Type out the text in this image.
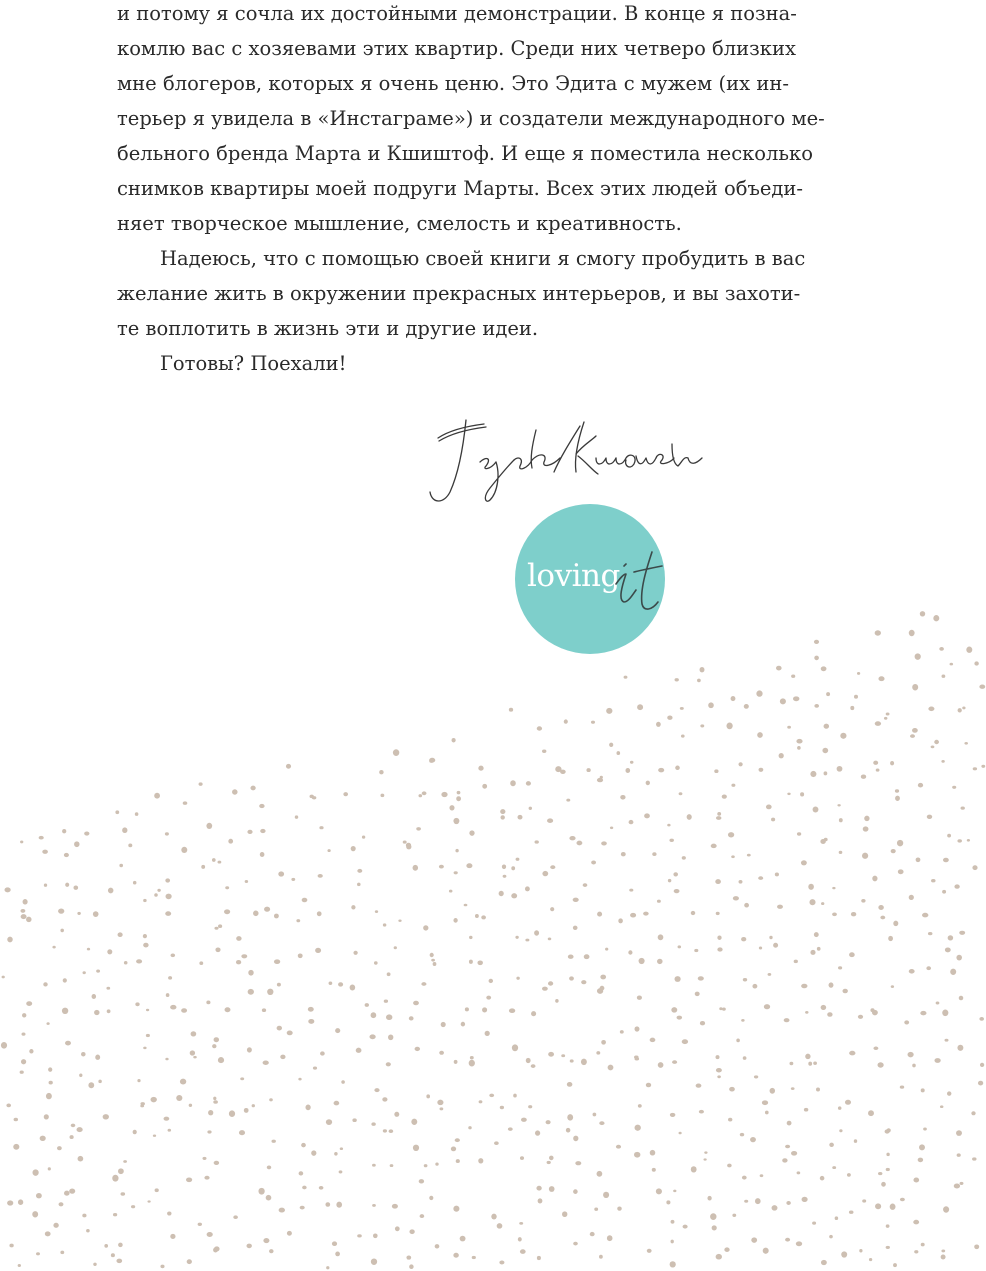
и потому я сочла их достойными демонстрации. В конце я позна-
комлю вас с хозяевами этих квартир. Среди них четверо близких
мне блогеров, которых я очень ценю. Это Эдита с мужем (их ин-
терьер я увидела в «Инстаграме») и создатели международного ме-
бельного бренда Марта и Кшиштоф. И еще я поместила несколько
снимков квартиры моей подруги Марты. Всех этих людей объеди-
няет творческое мышление, смелость и креативность.
Надеюсь, что с помощью своей книги я смогу пробудить в вас
желание жить в окружении прекрасных интерьеров, и вы захоти-
те воплотить в жизнь эти и другие идеи.
Готовы? Поехали!
loving
